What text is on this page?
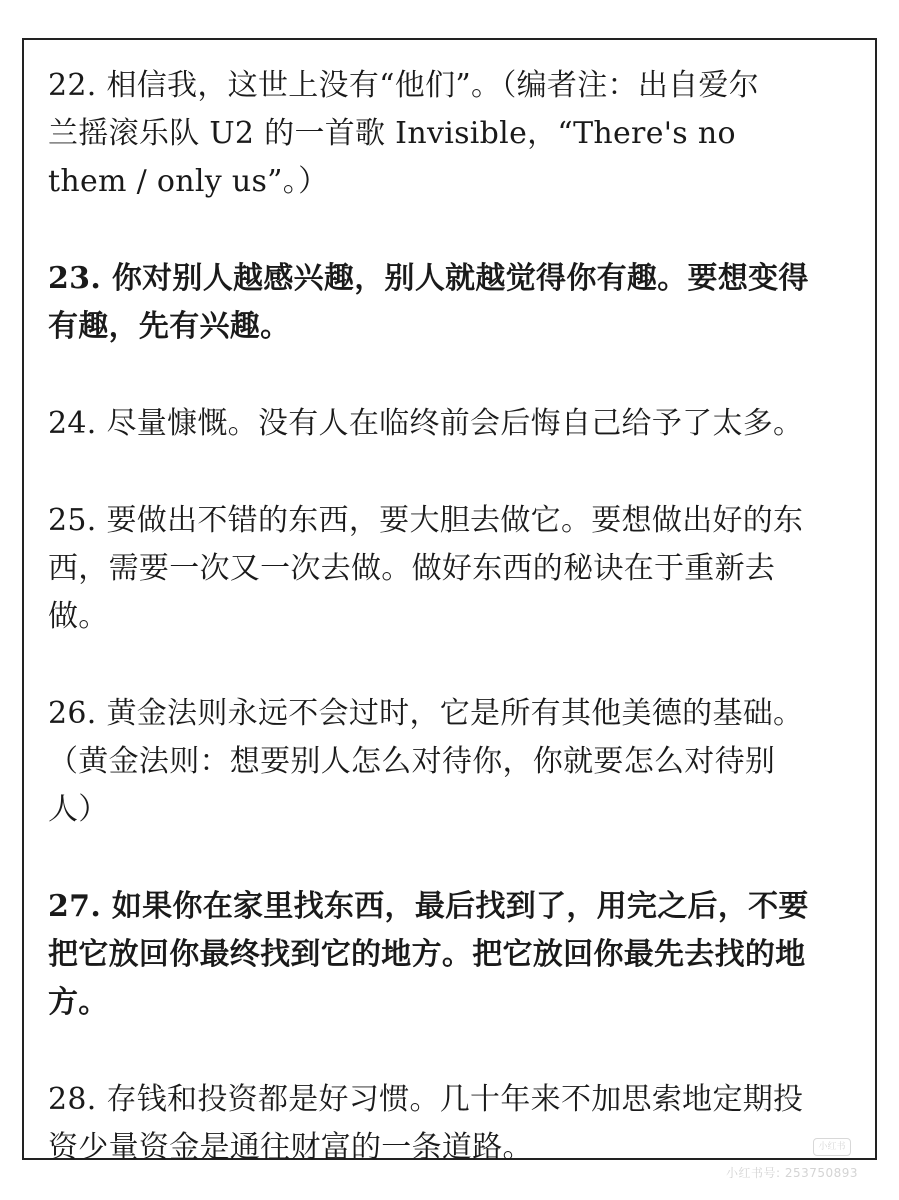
22. 相信我，这世上没有“他们”。（编者注：出自爱尔
兰摇滚乐队 U2 的一首歌 Invisible，“There's no
them / only us”。）

23. 你对别人越感兴趣，别人就越觉得你有趣。要想变得
有趣，先有兴趣。

24. 尽量慷慨。没有人在临终前会后悔自己给予了太多。

25. 要做出不错的东西，要大胆去做它。要想做出好的东
西，需要一次又一次去做。做好东西的秘诀在于重新去
做。

26. 黄金法则永远不会过时，它是所有其他美德的基础。
（黄金法则：想要别人怎么对待你，你就要怎么对待别
人）

27. 如果你在家里找东西，最后找到了，用完之后，不要
把它放回你最终找到它的地方。把它放回你最先去找的地
方。

28. 存钱和投资都是好习惯。几十年来不加思索地定期投
资少量资金是通往财富的一条道路。	小红书
小红书号: 253750893
